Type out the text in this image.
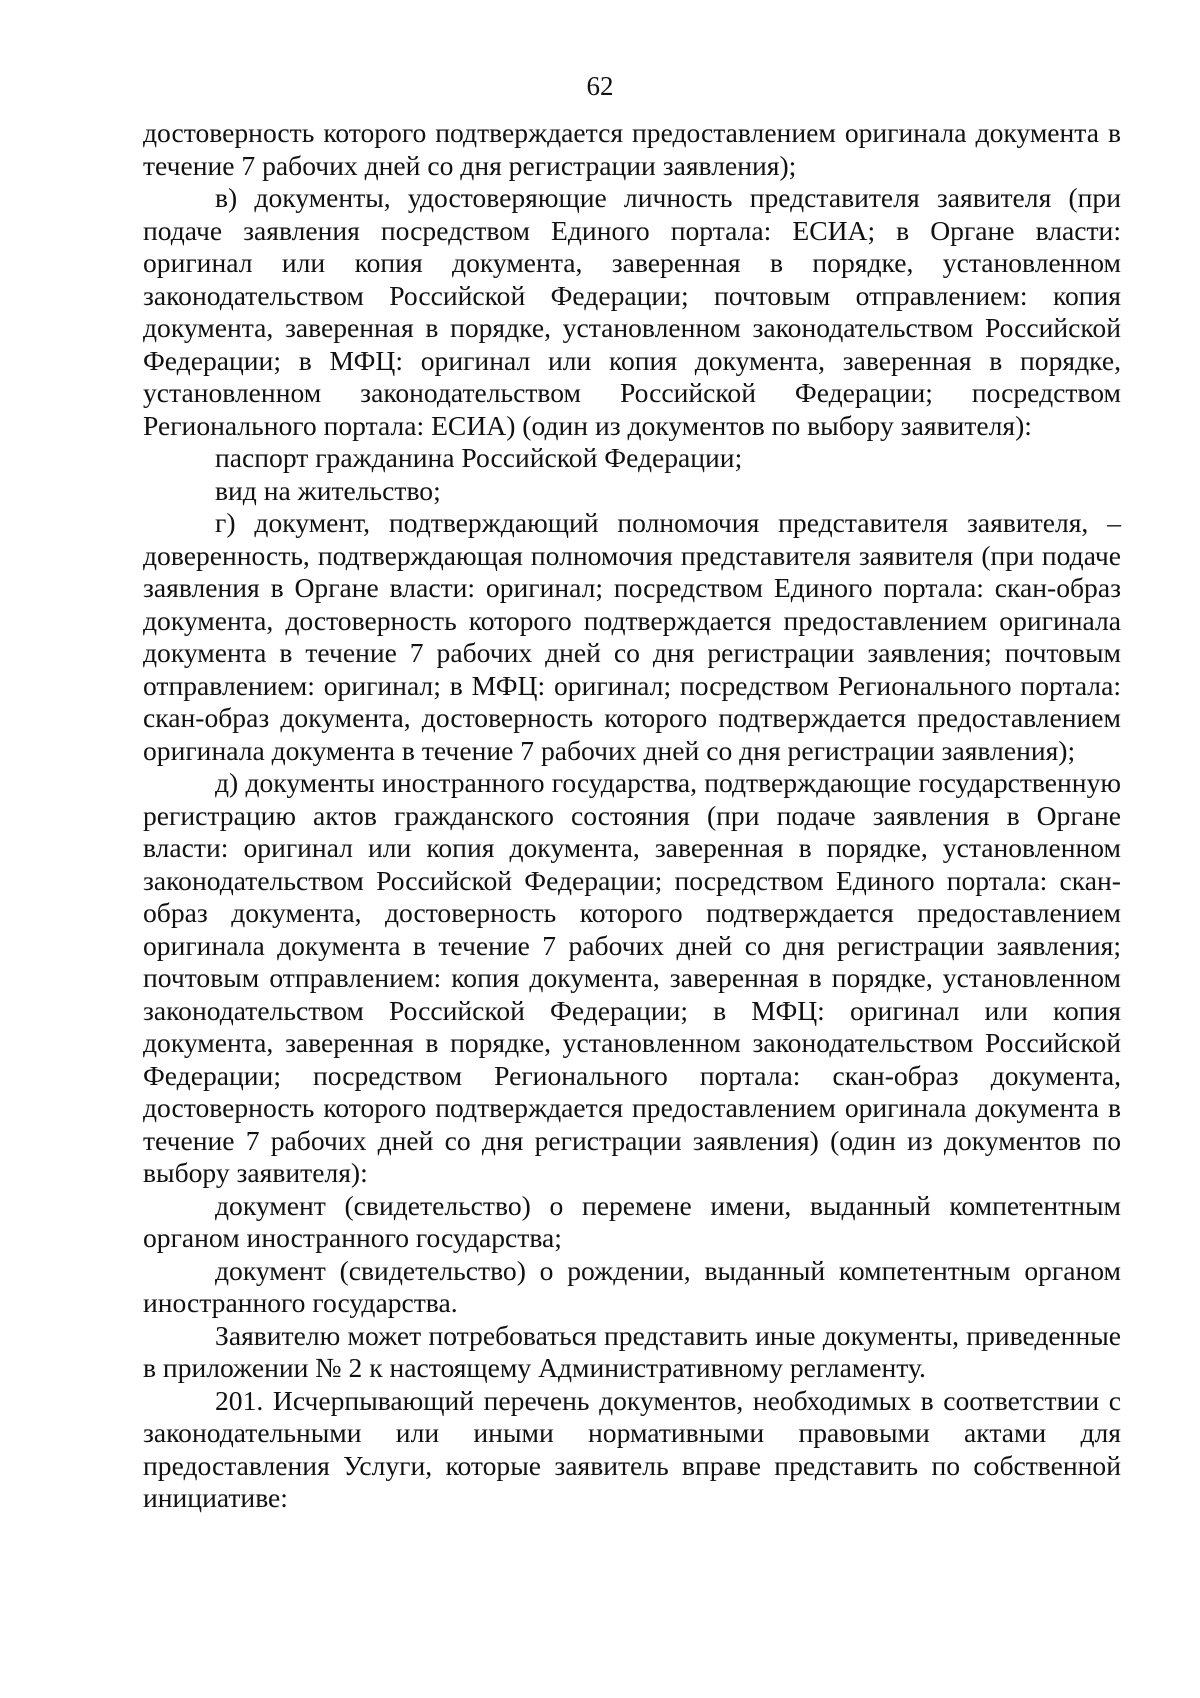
62

достоверность которого подтверждается предоставлением оригинала документа в течение 7 рабочих дней со дня регистрации заявления);

в) документы, удостоверяющие личность представителя заявителя (при подаче заявления посредством Единого портала: ЕСИА; в Органе власти: оригинал или копия документа, заверенная в порядке, установленном законодательством Российской Федерации; почтовым отправлением: копия документа, заверенная в порядке, установленном законодательством Российской Федерации; в МФЦ: оригинал или копия документа, заверенная в порядке, установленном законодательством Российской Федерации; посредством Регионального портала: ЕСИА) (один из документов по выбору заявителя):

паспорт гражданина Российской Федерации;

вид на жительство;

г) документ, подтверждающий полномочия представителя заявителя, – доверенность, подтверждающая полномочия представителя заявителя (при подаче заявления в Органе власти: оригинал; посредством Единого портала: скан-образ документа, достоверность которого подтверждается предоставлением оригинала документа в течение 7 рабочих дней со дня регистрации заявления; почтовым отправлением: оригинал; в МФЦ: оригинал; посредством Регионального портала: скан-образ документа, достоверность которого подтверждается предоставлением оригинала документа в течение 7 рабочих дней со дня регистрации заявления);

д) документы иностранного государства, подтверждающие государственную регистрацию актов гражданского состояния (при подаче заявления в Органе власти: оригинал или копия документа, заверенная в порядке, установленном законодательством Российской Федерации; посредством Единого портала: скан-образ документа, достоверность которого подтверждается предоставлением оригинала документа в течение 7 рабочих дней со дня регистрации заявления; почтовым отправлением: копия документа, заверенная в порядке, установленном законодательством Российской Федерации; в МФЦ: оригинал или копия документа, заверенная в порядке, установленном законодательством Российской Федерации; посредством Регионального портала: скан-образ документа, достоверность которого подтверждается предоставлением оригинала документа в течение 7 рабочих дней со дня регистрации заявления) (один из документов по выбору заявителя):

документ (свидетельство) о перемене имени, выданный компетентным органом иностранного государства;

документ (свидетельство) о рождении, выданный компетентным органом иностранного государства.

Заявителю может потребоваться представить иные документы, приведенные в приложении № 2 к настоящему Административному регламенту.

201. Исчерпывающий перечень документов, необходимых в соответствии с законодательными или иными нормативными правовыми актами для предоставления Услуги, которые заявитель вправе представить по собственной инициативе:
